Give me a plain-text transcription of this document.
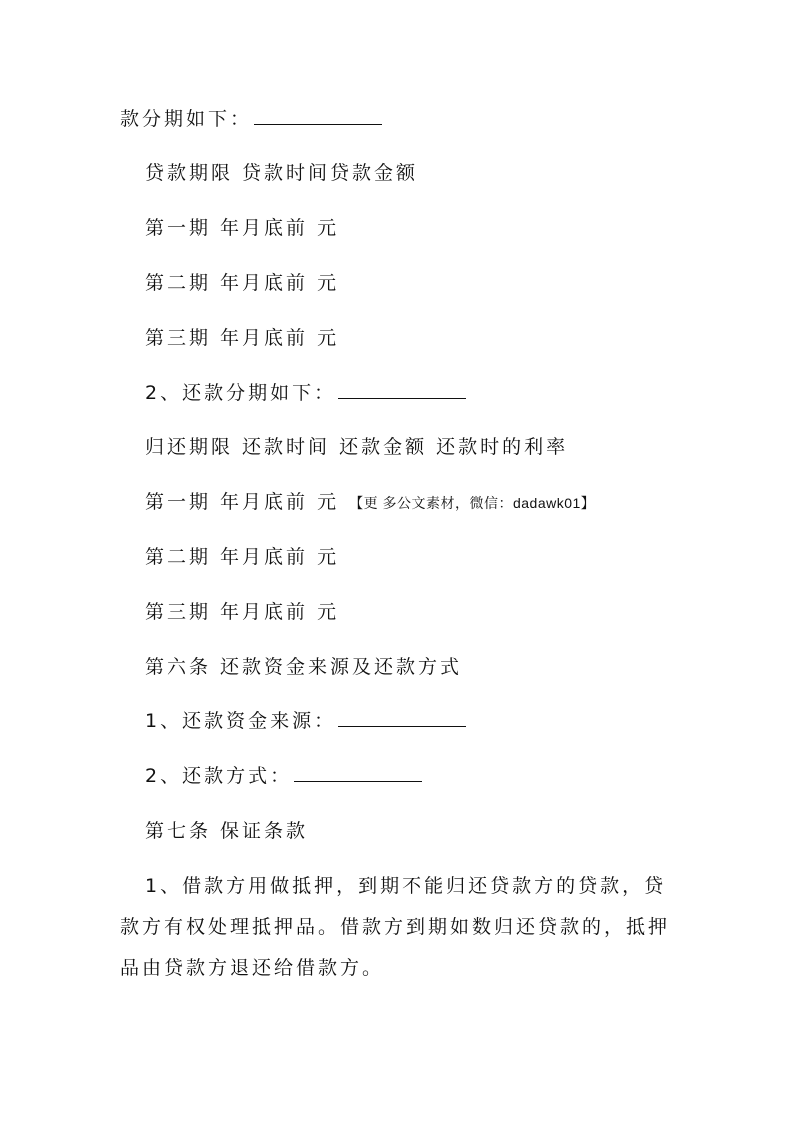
款分期如下：
贷款期限 贷款时间贷款金额
第一期 年月底前 元
第二期 年月底前 元
第三期 年月底前 元
2、还款分期如下：
归还期限 还款时间 还款金额 还款时的利率
第一期 年月底前 元 【更 多公文素材，微信：dadawk01】
第二期 年月底前 元
第三期 年月底前 元
第六条 还款资金来源及还款方式
1、还款资金来源：
2、还款方式：
第七条 保证条款
1、借款方用做抵押，到期不能归还贷款方的贷款，贷款方有权处理抵押品。借款方到期如数归还贷款的，抵押品由贷款方退还给借款方。
